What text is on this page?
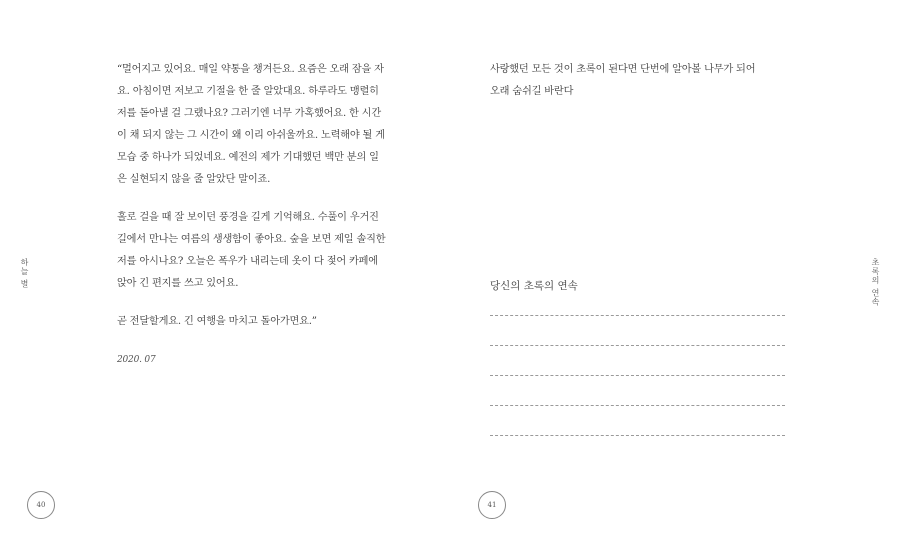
하늘 별

“멀어지고 있어요. 매일 약통을 챙겨든요. 요즘은 오래 잠을 자요. 아침이면 저보고 기절을 한 줄 알았대요. 하루라도 맹렬히 저를 돋아낼 걸 그랬나요? 그러기엔 너무 가혹했어요. 한 시간이 채 되지 않는 그 시간이 왜 이리 아쉬울까요. 노력해야 될 게 모습 중 하나가 되었네요. 예전의 제가 기대했던 백만 분의 일은 실현되지 않을 줄 알았단 말이죠.

홀로 걸을 때 잘 보이던 풍경을 길게 기억해요. 수풀이 우거진 길에서 만나는 여름의 생생함이 좋아요. 숲을 보면 제일 솔직한 저를 아시나요? 오늘은 폭우가 내리는데 옷이 다 젖어 카페에 앉아 긴 편지를 쓰고 있어요.

곧 전달할게요. 긴 여행을 마치고 돌아가면요.”

2020. 07
40
초록의 연속

사랑했던 모든 것이 초록이 된다면 단번에 알아볼 나무가 되어

오래 숨쉬길 바란다

당신의 초록의 연속

41
